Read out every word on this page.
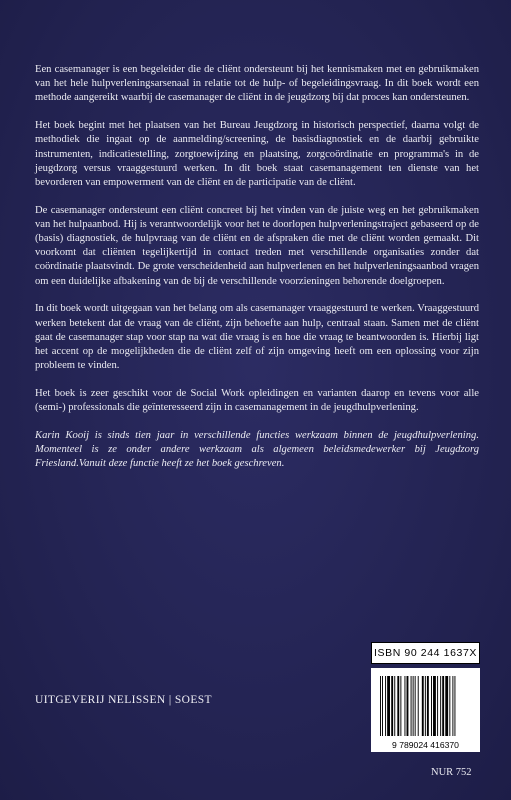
Een casemanager is een begeleider die de cliënt ondersteunt bij het kennismaken met en gebruikmaken van het hele hulpverleningsarsenaal in relatie tot de hulp- of begeleidingsvraag. In dit boek wordt een methode aangereikt waarbij de casemanager de cliënt in de jeugdzorg bij dat proces kan ondersteunen.

Het boek begint met het plaatsen van het Bureau Jeugdzorg in historisch perspectief, daarna volgt de methodiek die ingaat op de aanmelding/screening, de basisdiagnostiek en de daarbij gebruikte instrumenten, indicatiestelling, zorgtoewijzing en plaatsing, zorgcoördinatie en programma's in de jeugdzorg versus vraaggestuurd werken. In dit boek staat casemanagement ten dienste van het bevorderen van empowerment van de cliënt en de participatie van de cliënt.

De casemanager ondersteunt een cliënt concreet bij het vinden van de juiste weg en het gebruikmaken van het hulpaanbod. Hij is verantwoordelijk voor het te doorlopen hulpverleningstraject gebaseerd op de (basis) diagnostiek, de hulpvraag van de cliënt en de afspraken die met de cliënt worden gemaakt. Dit voorkomt dat cliënten tegelijkertijd in contact treden met verschillende organisaties zonder dat coördinatie plaatsvindt. De grote verscheidenheid aan hulpverlenen en het hulpverleningsaanbod vragen om een duidelijke afbakening van de bij de verschillende voorzieningen behorende doelgroepen.

In dit boek wordt uitgegaan van het belang om als casemanager vraaggestuurd te werken. Vraaggestuurd werken betekent dat de vraag van de cliënt, zijn behoefte aan hulp, centraal staan. Samen met de cliënt gaat de casemanager stap voor stap na wat die vraag is en hoe die vraag te beantwoorden is. Hierbij ligt het accent op de mogelijkheden die de cliënt zelf of zijn omgeving heeft om een oplossing voor zijn probleem te vinden.

Het boek is zeer geschikt voor de Social Work opleidingen en varianten daarop en tevens voor alle (semi-) professionals die geïnteresseerd zijn in casemanagement in de jeugdhulpverlening.

Karin Kooij is sinds tien jaar in verschillende functies werkzaam binnen de jeugdhulpverlening. Momenteel is ze onder andere werkzaam als algemeen beleidsmedewerker bij Jeugdzorg Friesland.Vanuit deze functie heeft ze het boek geschreven.

ISBN 90 244 1637X
UITGEVERIJ NELISSEN | SOEST
9 789024 416370
NUR 752
